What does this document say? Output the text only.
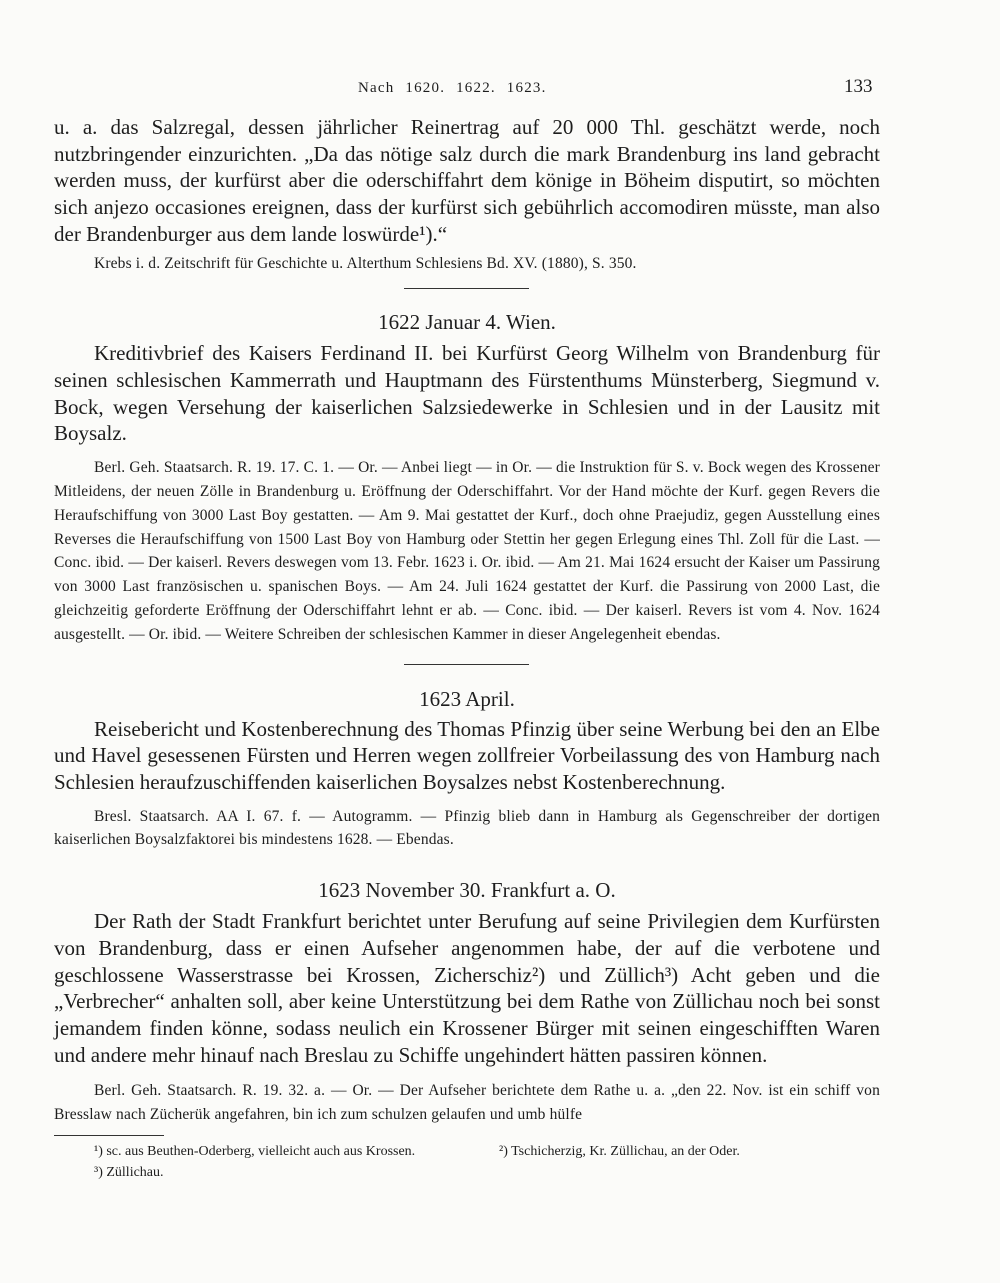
Nach 1620. 1622. 1623.	133

u. a. das Salzregal, dessen jährlicher Reinertrag auf 20 000 Thl. geschätzt werde, noch nutzbringender einzurichten. „Da das nötige salz durch die mark Brandenburg ins land gebracht werden muss, der kurfürst aber die oderschiffahrt dem könige in Böheim disputirt, so möchten sich anjezo occasiones ereignen, dass der kurfürst sich gebührlich accomodiren müsste, man also der Brandenburger aus dem lande loswürde¹).“

Krebs i. d. Zeitschrift für Geschichte u. Alterthum Schlesiens Bd. XV. (1880), S. 350.

1622 Januar 4. Wien.

Kreditivbrief des Kaisers Ferdinand II. bei Kurfürst Georg Wilhelm von Brandenburg für seinen schlesischen Kammerrath und Hauptmann des Fürstenthums Münsterberg, Siegmund v. Bock, wegen Versehung der kaiserlichen Salzsiedewerke in Schlesien und in der Lausitz mit Boysalz.

Berl. Geh. Staatsarch. R. 19. 17. C. 1. — Or. — Anbei liegt — in Or. — die Instruktion für S. v. Bock wegen des Krossener Mitleidens, der neuen Zölle in Brandenburg u. Eröffnung der Oderschiffahrt. Vor der Hand möchte der Kurf. gegen Revers die Heraufschiffung von 3000 Last Boy gestatten. — Am 9. Mai gestattet der Kurf., doch ohne Praejudiz, gegen Ausstellung eines Reverses die Heraufschiffung von 1500 Last Boy von Hamburg oder Stettin her gegen Erlegung eines Thl. Zoll für die Last. — Conc. ibid. — Der kaiserl. Revers deswegen vom 13. Febr. 1623 i. Or. ibid. — Am 21. Mai 1624 ersucht der Kaiser um Passirung von 3000 Last französischen u. spanischen Boys. — Am 24. Juli 1624 gestattet der Kurf. die Passirung von 2000 Last, die gleichzeitig geforderte Eröffnung der Oderschiffahrt lehnt er ab. — Conc. ibid. — Der kaiserl. Revers ist vom 4. Nov. 1624 ausgestellt. — Or. ibid. — Weitere Schreiben der schlesischen Kammer in dieser Angelegenheit ebendas.

1623 April.

Reisebericht und Kostenberechnung des Thomas Pfinzig über seine Werbung bei den an Elbe und Havel gesessenen Fürsten und Herren wegen zollfreier Vorbeilassung des von Hamburg nach Schlesien heraufzuschiffenden kaiserlichen Boysalzes nebst Kostenberechnung.

Bresl. Staatsarch. AA I. 67. f. — Autogramm. — Pfinzig blieb dann in Hamburg als Gegenschreiber der dortigen kaiserlichen Boysalzfaktorei bis mindestens 1628. — Ebendas.

1623 November 30. Frankfurt a. O.

Der Rath der Stadt Frankfurt berichtet unter Berufung auf seine Privilegien dem Kurfürsten von Brandenburg, dass er einen Aufseher angenommen habe, der auf die verbotene und geschlossene Wasserstrasse bei Krossen, Zicherschiz²) und Züllich³) Acht geben und die „Verbrecher“ anhalten soll, aber keine Unterstützung bei dem Rathe von Züllichau noch bei sonst jemandem finden könne, sodass neulich ein Krossener Bürger mit seinen eingeschifften Waren und andere mehr hinauf nach Breslau zu Schiffe ungehindert hätten passiren können.

Berl. Geh. Staatsarch. R. 19. 32. a. — Or. — Der Aufseher berichtete dem Rathe u. a. „den 22. Nov. ist ein schiff von Bresslaw nach Zücherük angefahren, bin ich zum schulzen gelaufen und umb hülfe

¹) sc. aus Beuthen-Oderberg, vielleicht auch aus Krossen.	²) Tschicherzig, Kr. Züllichau, an der Oder.
³) Züllichau.
